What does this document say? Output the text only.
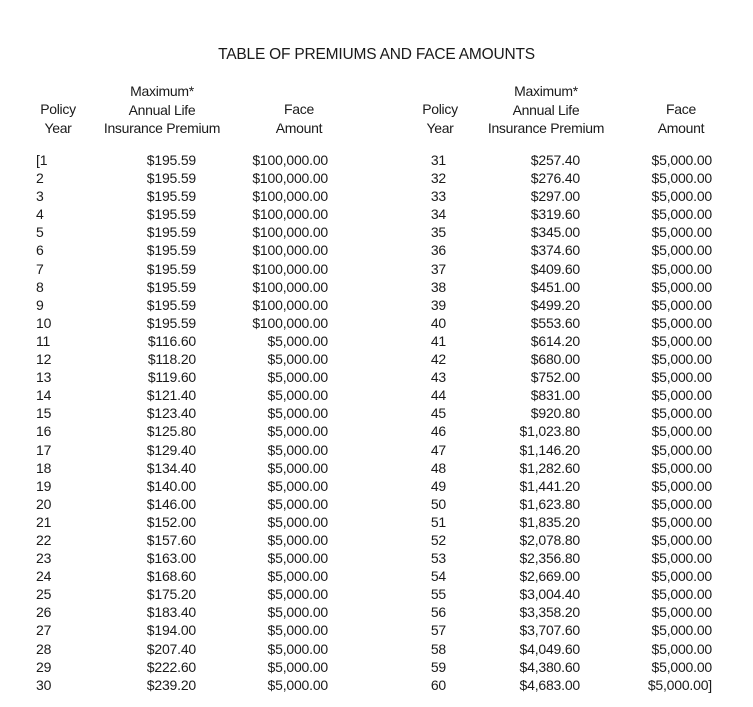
TABLE OF PREMIUMS AND FACE AMOUNTS
Policy
Year
Maximum*
Annual Life
Insurance Premium
Face
Amount
Policy
Year
Maximum*
Annual Life
Insurance Premium
Face
Amount
[1
2
3
4
5
6
7
8
9
10
11
12
13
14
15
16
17
18
19
20
21
22
23
24
25
26
27
28
29
30
$195.59
$195.59
$195.59
$195.59
$195.59
$195.59
$195.59
$195.59
$195.59
$195.59
$116.60
$118.20
$119.60
$121.40
$123.40
$125.80
$129.40
$134.40
$140.00
$146.00
$152.00
$157.60
$163.00
$168.60
$175.20
$183.40
$194.00
$207.40
$222.60
$239.20
$100,000.00
$100,000.00
$100,000.00
$100,000.00
$100,000.00
$100,000.00
$100,000.00
$100,000.00
$100,000.00
$100,000.00
$5,000.00
$5,000.00
$5,000.00
$5,000.00
$5,000.00
$5,000.00
$5,000.00
$5,000.00
$5,000.00
$5,000.00
$5,000.00
$5,000.00
$5,000.00
$5,000.00
$5,000.00
$5,000.00
$5,000.00
$5,000.00
$5,000.00
$5,000.00
31
32
33
34
35
36
37
38
39
40
41
42
43
44
45
46
47
48
49
50
51
52
53
54
55
56
57
58
59
60
$257.40
$276.40
$297.00
$319.60
$345.00
$374.60
$409.60
$451.00
$499.20
$553.60
$614.20
$680.00
$752.00
$831.00
$920.80
$1,023.80
$1,146.20
$1,282.60
$1,441.20
$1,623.80
$1,835.20
$2,078.80
$2,356.80
$2,669.00
$3,004.40
$3,358.20
$3,707.60
$4,049.60
$4,380.60
$4,683.00
$5,000.00
$5,000.00
$5,000.00
$5,000.00
$5,000.00
$5,000.00
$5,000.00
$5,000.00
$5,000.00
$5,000.00
$5,000.00
$5,000.00
$5,000.00
$5,000.00
$5,000.00
$5,000.00
$5,000.00
$5,000.00
$5,000.00
$5,000.00
$5,000.00
$5,000.00
$5,000.00
$5,000.00
$5,000.00
$5,000.00
$5,000.00
$5,000.00
$5,000.00
$5,000.00]
